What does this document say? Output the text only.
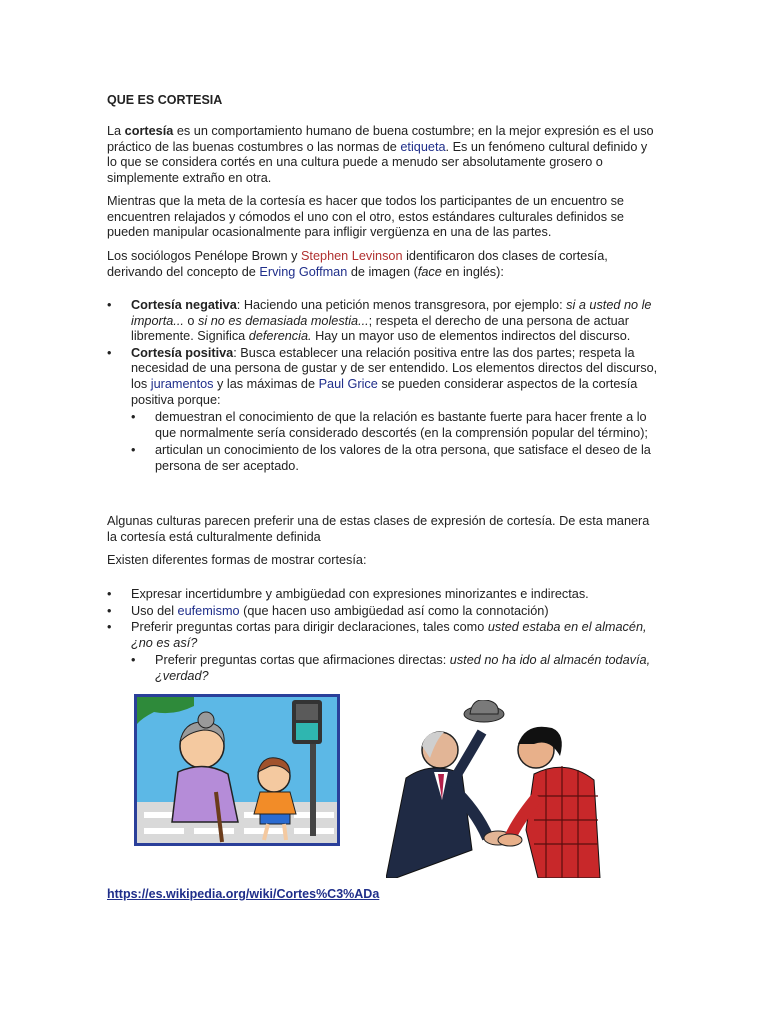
QUE ES CORTESIA

La cortesía es un comportamiento humano de buena costumbre; en la mejor expresión es el uso práctico de las buenas costumbres o las normas de etiqueta. Es un fenómeno cultural definido y lo que se considera cortés en una cultura puede a menudo ser absolutamente grosero o simplemente extraño en otra.

Mientras que la meta de la cortesía es hacer que todos los participantes de un encuentro se encuentren relajados y cómodos el uno con el otro, estos estándares culturales definidos se pueden manipular ocasionalmente para infligir vergüenza en una de las partes.

Los sociólogos Penélope Brown y Stephen Levinson identificaron dos clases de cortesía, derivando del concepto de Erving Goffman de imagen (face en inglés):

• Cortesía negativa: Haciendo una petición menos transgresora, por ejemplo: si a usted no le importa... o si no es demasiada molestia...; respeta el derecho de una persona de actuar libremente. Significa deferencia. Hay un mayor uso de elementos indirectos del discurso.
• Cortesía positiva: Busca establecer una relación positiva entre las dos partes; respeta la necesidad de una persona de gustar y de ser entendido. Los elementos directos del discurso, los juramentos y las máximas de Paul Grice se pueden considerar aspectos de la cortesía positiva porque:
• demuestran el conocimiento de que la relación es bastante fuerte para hacer frente a lo que normalmente sería considerado descortés (en la comprensión popular del término);
• articulan un conocimiento de los valores de la otra persona, que satisface el deseo de la persona de ser aceptado.

Algunas culturas parecen preferir una de estas clases de expresión de cortesía. De esta manera la cortesía está culturalmente definida

Existen diferentes formas de mostrar cortesía:

• Expresar incertidumbre y ambigüedad con expresiones minorizantes e indirectas.
• Uso del eufemismo (que hacen uso ambigüedad así como la connotación)
• Preferir preguntas cortas para dirigir declaraciones, tales como usted estaba en el almacén, ¿no es así?
• Preferir preguntas cortas que afirmaciones directas: usted no ha ido al almacén todavía, ¿verdad?
https://es.wikipedia.org/wiki/Cortes%C3%ADa
